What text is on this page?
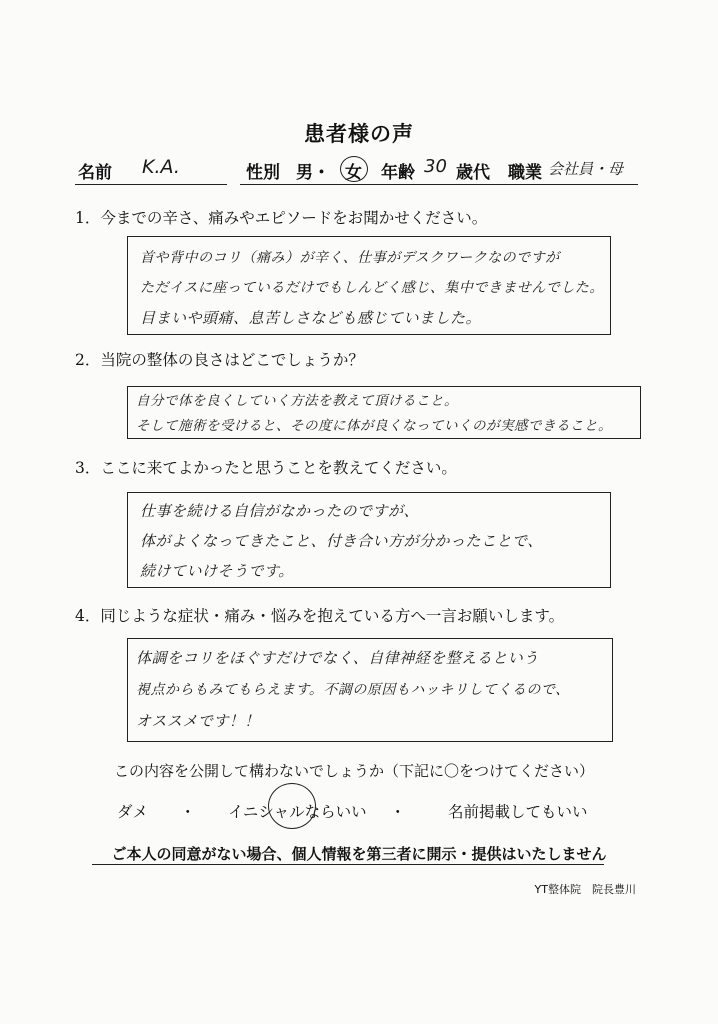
患者様の声
名前 K.A.	性別 男・ 女 年齢 30 歳代 職業 会社員・母
1．今までの辛さ、痛みやエピソードをお聞かせください。
首や背中のコリ（痛み）が辛く、仕事がデスクワークなのですが
ただイスに座っているだけでもしんどく感じ、集中できませんでした。
目まいや頭痛、息苦しさなども感じていました。
2．当院の整体の良さはどこでしょうか？
自分で体を良くしていく方法を教えて頂けること。
そして施術を受けると、その度に体が良くなっていくのが実感できること。
3．ここに来てよかったと思うことを教えてください。
仕事を続ける自信がなかったのですが、
体がよくなってきたこと、付き合い方が分かったことで、
続けていけそうです。
4．同じような症状・痛み・悩みを抱えている方へ一言お願いします。
体調をコリをほぐすだけでなく、自律神経を整えるという
視点からもみてもらえます。不調の原因もハッキリしてくるので、
オススメです！！
この内容を公開して構わないでしょうか（下記に〇をつけてください）
ダメ ・ イニシャルならいい ・	名前掲載してもいい
ご本人の同意がない場合、個人情報を第三者に開示・提供はいたしません
YT整体院　院長豊川
